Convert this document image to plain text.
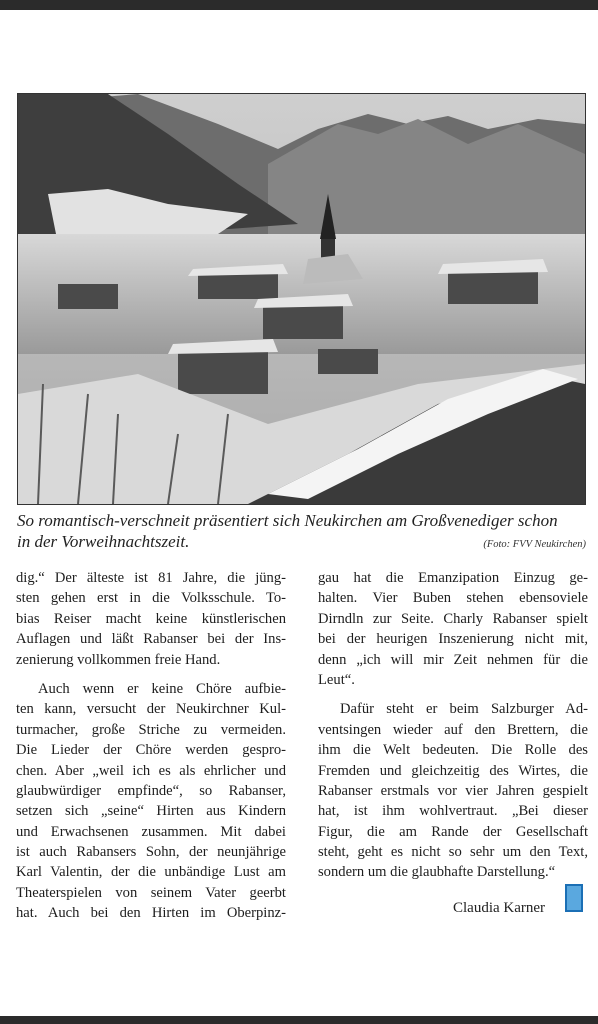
So romantisch-verschneit präsentiert sich Neukirchen am Großvenediger schon
in der Vorweihnachtszeit.	(Foto: FVV Neukirchen)
dig.“ Der älteste ist 81 Jahre, die jüng-
sten gehen erst in die Volksschule. To-
bias Reiser macht keine künstlerischen
Auflagen und läßt Rabanser bei der Ins-
zenierung vollkommen freie Hand.
Auch wenn er keine Chöre aufbie-
ten kann, versucht der Neukirchner Kul-
turmacher, große Striche zu vermeiden.
Die Lieder der Chöre werden gespro-
chen. Aber „weil ich es als ehrlicher und
glaubwürdiger empfinde“, so Rabanser,
setzen sich „seine“ Hirten aus Kindern
und Erwachsenen zusammen. Mit dabei
ist auch Rabansers Sohn, der neunjährige
Karl Valentin, der die unbändige Lust am
Theaterspielen von seinem Vater geerbt
hat. Auch bei den Hirten im Oberpinz-
gau hat die Emanzipation Einzug ge-
halten. Vier Buben stehen ebensoviele
Dirndln zur Seite. Charly Rabanser spielt
bei der heurigen Inszenierung nicht mit,
denn „ich will mir Zeit nehmen für die
Leut“.
Dafür steht er beim Salzburger Ad-
ventsingen wieder auf den Brettern, die
ihm die Welt bedeuten. Die Rolle des
Fremden und gleichzeitig des Wirtes, die
Rabanser erstmals vor vier Jahren gespielt
hat, ist ihm wohlvertraut. „Bei dieser
Figur, die am Rande der Gesellschaft
steht, geht es nicht so sehr um den Text,
sondern um die glaubhafte Darstellung.“
Claudia Karner
